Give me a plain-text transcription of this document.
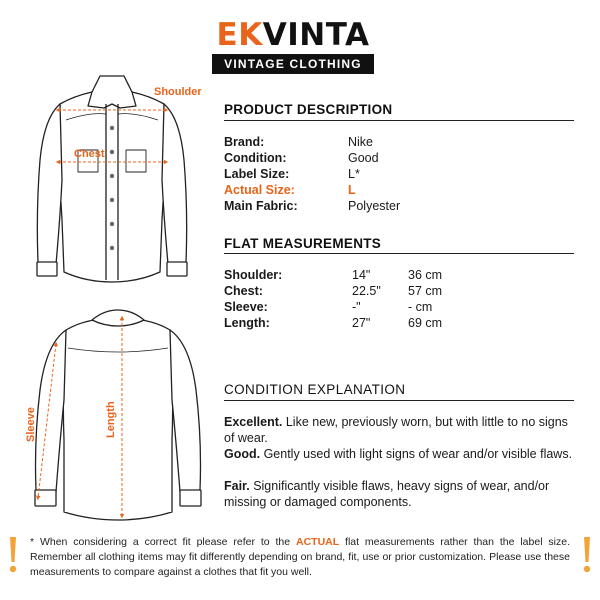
EKVINTA
VINTAGE CLOTHING
Shoulder
Chest
Sleeve	Length
PRODUCT DESCRIPTION
Brand:	Nike
Condition:	Good
Label Size:	L*
Actual Size:	L
Main Fabric:	Polyester
FLAT MEASUREMENTS
Shoulder:	14"	36 cm
Chest:	22.5" 57 cm
Sleeve:	-"	- cm
Length:	27"	69 cm
CONDITION EXPLANATION
Excellent. Like new, previously worn, but with little to no signs of wear.
Good. Gently used with light signs of wear and/or visible flaws.
Fair. Significantly visible flaws, heavy signs of wear, and/or missing or damaged components.
* When considering a correct fit please refer to the ACTUAL flat measurements rather than the label size. Remember all clothing items may fit differently depending on brand, fit, use or prior customization. Please use these measurements to compare against a clothes that fit you well.
